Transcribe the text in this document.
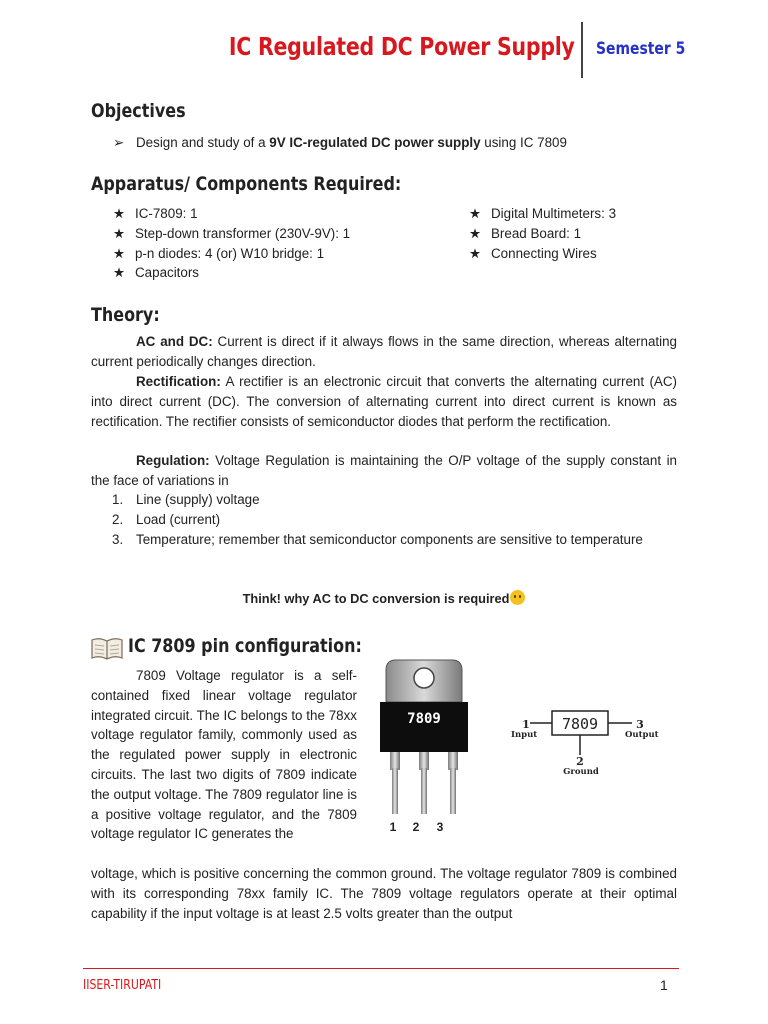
IC Regulated DC Power Supply Semester 5
Objectives
➢ Design and study of a 9V IC-regulated DC power supply using IC 7809
Apparatus/ Components Required:
★ IC-7809: 1
★ Step-down transformer (230V-9V): 1
★ p-n diodes: 4 (or) W10 bridge: 1
★ Capacitors
★ Digital Multimeters: 3
★ Bread Board: 1
★ Connecting Wires
Theory:

AC and DC: Current is direct if it always flows in the same direction, whereas alternating current periodically changes direction.

Rectification: A rectifier is an electronic circuit that converts the alternating current (AC) into direct current (DC). The conversion of alternating current into direct current is known as rectification. The rectifier consists of semiconductor diodes that perform the rectification.

Regulation: Voltage Regulation is maintaining the O/P voltage of the supply constant in the face of variations in

1. Line (supply) voltage
2. Load (current)
3. Temperature; remember that semiconductor components are sensitive to temperature
Think! why AC to DC conversion is required
IC 7809 pin configuration:
7809 Voltage regulator is a self-contained fixed linear voltage regulator integrated circuit. The IC belongs to the 78xx voltage regulator family, commonly used as the regulated power supply in electronic circuits. The last two digits of 7809 indicate the output voltage. The 7809 regulator line is a positive voltage regulator, and the 7809 voltage regulator IC generates the
voltage, which is positive concerning the common ground. The voltage regulator 7809 is combined with its corresponding 78xx family IC. The 7809 voltage regulators operate at their optimal capability if the input voltage is at least 2.5 volts greater than the output
7809
1 2 3
1
Input
7809	3
Output
2
Ground
IISER-TIRUPATI	1
